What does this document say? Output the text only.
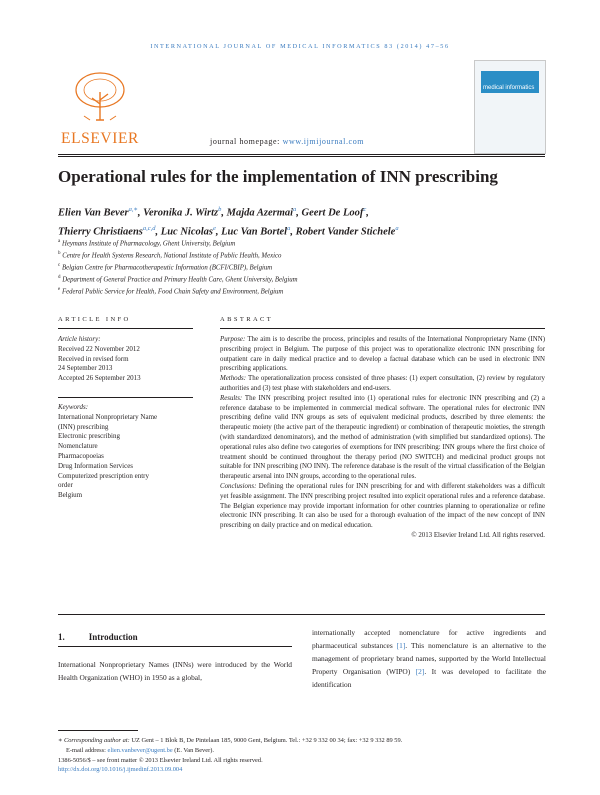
INTERNATIONAL JOURNAL OF MEDICAL INFORMATICS 83 (2014) 47–56
ELSEVIER	journal homepage: www.ijmijournal.com
medical informatics
Operational rules for the implementation of INN prescribing
Elien Van Bever$^{a,∗}$, Veronika J. Wirtz$^b$, Majda Azermai$^a$, Geert De Loof$^c$,
Thierry Christiaens$^{a,c,d}$, Luc Nicolas$^e$, Luc Van Bortel$^a$, Robert Vander Stichele$^a$
$^a$ Heymans Institute of Pharmacology, Ghent University, Belgium
$^b$ Centre for Health Systems Research, National Institute of Public Health, Mexico
$^c$ Belgian Centre for Pharmacotherapeutic Information (BCFI/CBIP), Belgium
$^d$ Department of General Practice and Primary Health Care, Ghent University, Belgium
$^e$ Federal Public Service for Health, Food Chain Safety and Environment, Belgium
ARTICLE INFO	ABSTRACT
Article history:
Received 22 November 2012
Received in revised form
24 September 2013
Accepted 26 September 2013
Keywords:
International Nonproprietary Name
(INN) prescribing
Electronic prescribing
Nomenclature
Pharmacopoeias
Drug Information Services
Computerized prescription entry
order
Belgium
Purpose: The aim is to describe the process, principles and results of the International Nonproprietary Name (INN) prescribing project in Belgium. The purpose of this project was to operationalize electronic INN prescribing for outpatient care in daily medical practice and to develop a factual database which can be used in electronic INN prescribing applications.
Methods: The operationalization process consisted of three phases: (1) expert consultation, (2) review by regulatory authorities and (3) test phase with stakeholders and end-users.
Results: The INN prescribing project resulted into (1) operational rules for electronic INN prescribing and (2) a reference database to be implemented in commercial medical software. The operational rules for electronic INN prescribing define valid INN groups as sets of equivalent medicinal products, described by three elements: the therapeutic moiety (the active part of the therapeutic ingredient) or combination of therapeutic moieties, the strength (with standardized denominators), and the method of administration (with simplified but standardized options). The operational rules also define two categories of exemptions for INN prescribing: INN groups where the first choice of treatment should be continued throughout the therapy period (NO SWITCH) and medicinal product groups not suitable for INN prescribing (NO INN). The reference database is the result of the virtual classification of the Belgian therapeutic arsenal into INN groups, according to the operational rules.
Conclusions: Defining the operational rules for INN prescribing for and with different stakeholders was a difficult yet feasible assignment. The INN prescribing project resulted into explicit operational rules and a reference database. The Belgian experience may provide important information for other countries planning to operationalize or refine electronic INN prescribing. It can also be used for a thorough evaluation of the impact of the new concept of INN prescribing on daily practice and on medical education.
© 2013 Elsevier Ireland Ltd. All rights reserved.
1.	Introduction
International Nonproprietary Names (INNs) were introduced by the World Health Organization (WHO) in 1950 as a global,
internationally accepted nomenclature for active ingredients and pharmaceutical substances [1]. This nomenclature is an alternative to the management of proprietary brand names, supported by the World Intellectual Property Organisation (WIPO) [2]. It was developed to facilitate the identification
∗ Corresponding author at: UZ Gent – 1 Blok B, De Pintelaan 185, 9000 Gent, Belgium. Tel.: +32 9 332 00 34; fax: +32 9 332 89 59.
E-mail address: elien.vanbever@ugent.be (E. Van Bever).
1386-5056/$ – see front matter © 2013 Elsevier Ireland Ltd. All rights reserved.
http://dx.doi.org/10.1016/j.ijmedinf.2013.09.004
